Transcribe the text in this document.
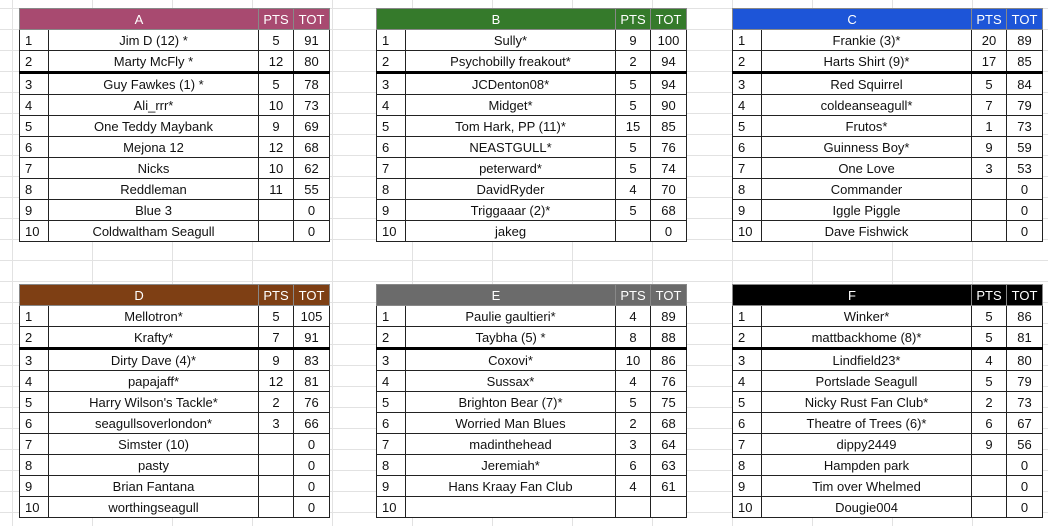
A		PTS	TOT
1	Jim D (12) *	5	91
2	Marty McFly *	12	80
3	Guy Fawkes (1) *	5	78
4	Ali_rrr*	10	73
5	One Teddy Maybank	9	69
6	Mejona 12	12	68
7	Nicks	10	62
8	Reddleman	11	55
9	Blue 3		0
10	Coldwaltham Seagull		0
B		PTS	TOT
1	Sully*	9	100
2	Psychobilly freakout*	2	94
3	JCDenton08*	5	94
4	Midget*	5	90
5	Tom Hark, PP (11)*	15	85
6	NEASTGULL*	5	76
7	peterward*	5	74
8	DavidRyder	4	70
9	Triggaaar (2)*	5	68
10	jakeg		0
C		PTS	TOT
1	Frankie (3)*	20	89
2	Harts Shirt (9)*	17	85
3	Red Squirrel	5	84
4	coldeanseagull*	7	79
5	Frutos*	1	73
6	Guinness Boy*	9	59
7	One Love	3	53
8	Commander		0
9	Iggle Piggle		0
10	Dave Fishwick		0
D		PTS	TOT
1	Mellotron*	5	105
2	Krafty*	7	91
3	Dirty Dave (4)*	9	83
4	papajaff*	12	81
5	Harry Wilson's Tackle*	2	76
6	seagullsoverlondon*	3	66
7	Simster (10)		0
8	pasty		0
9	Brian Fantana		0
10	worthingseagull		0
E		PTS	TOT
1	Paulie gaultieri*	4	89
2	Taybha (5) *	8	88
3	Coxovi*	10	86
4	Sussax*	4	76
5	Brighton Bear (7)*	5	75
6	Worried Man Blues	2	68
7	madinthehead	3	64
8	Jeremiah*	6	63
9	Hans Kraay Fan Club	4	61
10			
F		PTS	TOT
1	Winker*	5	86
2	mattbackhome (8)*	5	81
3	Lindfield23*	4	80
4	Portslade Seagull	5	79
5	Nicky Rust Fan Club*	2	73
6	Theatre of Trees (6)*	6	67
7	dippy2449	9	56
8	Hampden park		0
9	Tim over Whelmed		0
10	Dougie004		0
